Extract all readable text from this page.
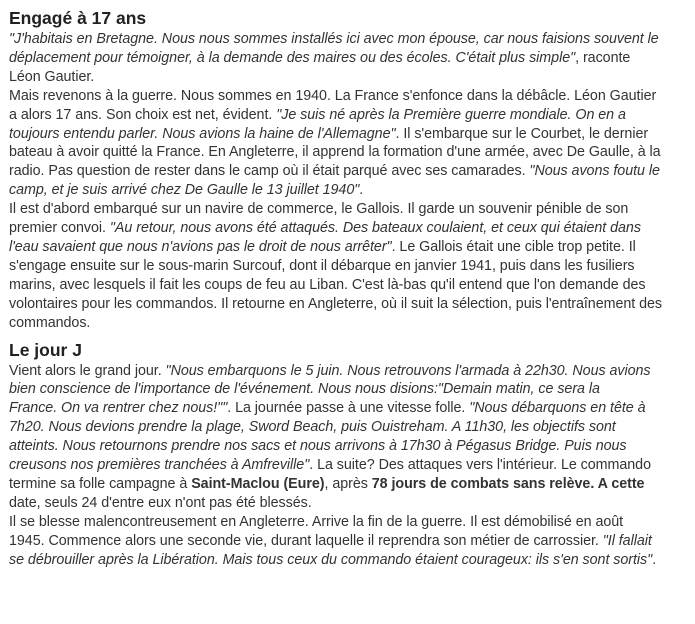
Engagé à 17 ans
"J'habitais en Bretagne. Nous nous sommes installés ici avec mon épouse, car nous faisions souvent le
déplacement pour témoigner, à la demande des maires ou des écoles. C'était plus simple", raconte
Léon Gautier.
Mais revenons à la guerre. Nous sommes en 1940. La France s'enfonce dans la débâcle. Léon Gautier
a alors 17 ans. Son choix est net, évident. "Je suis né après la Première guerre mondiale. On en a
toujours entendu parler. Nous avions la haine de l'Allemagne". Il s'embarque sur le Courbet, le dernier
bateau à avoir quitté la France. En Angleterre, il apprend la formation d'une armée, avec De Gaulle, à la
radio. Pas question de rester dans le camp où il était parqué avec ses camarades. "Nous avons foutu le
camp, et je suis arrivé chez De Gaulle le 13 juillet 1940".
Il est d'abord embarqué sur un navire de commerce, le Gallois. Il garde un souvenir pénible de son
premier convoi. "Au retour, nous avons été attaqués. Des bateaux coulaient, et ceux qui étaient dans
l'eau savaient que nous n'avions pas le droit de nous arrêter". Le Gallois était une cible trop petite. Il
s'engage ensuite sur le sous-marin Surcouf, dont il débarque en janvier 1941, puis dans les fusiliers
marins, avec lesquels il fait les coups de feu au Liban. C'est là-bas qu'il entend que l'on demande des
volontaires pour les commandos. Il retourne en Angleterre, où il suit la sélection, puis l'entraînement des
commandos.
Le jour J
Vient alors le grand jour. "Nous embarquons le 5 juin. Nous retrouvons l'armada à 22h30. Nous avions
bien conscience de l'importance de l'événement. Nous nous disions:"Demain matin, ce sera la
France. On va rentrer chez nous!"". La journée passe à une vitesse folle. "Nous débarquons en tête à
7h20. Nous devions prendre la plage, Sword Beach, puis Ouistreham. A 11h30, les objectifs sont
atteints. Nous retournons prendre nos sacs et nous arrivons à 17h30 à Pégasus Bridge. Puis nous
creusons nos premières tranchées à Amfreville". La suite? Des attaques vers l'intérieur. Le commando
termine sa folle campagne à Saint-Maclou (Eure), après 78 jours de combats sans relève. A cette
date, seuls 24 d'entre eux n'ont pas été blessés.
Il se blesse malencontreusement en Angleterre. Arrive la fin de la guerre. Il est démobilisé en août
1945. Commence alors une seconde vie, durant laquelle il reprendra son métier de carrossier. "Il fallait
se débrouiller après la Libération. Mais tous ceux du commando étaient courageux: ils s'en sont sortis".
